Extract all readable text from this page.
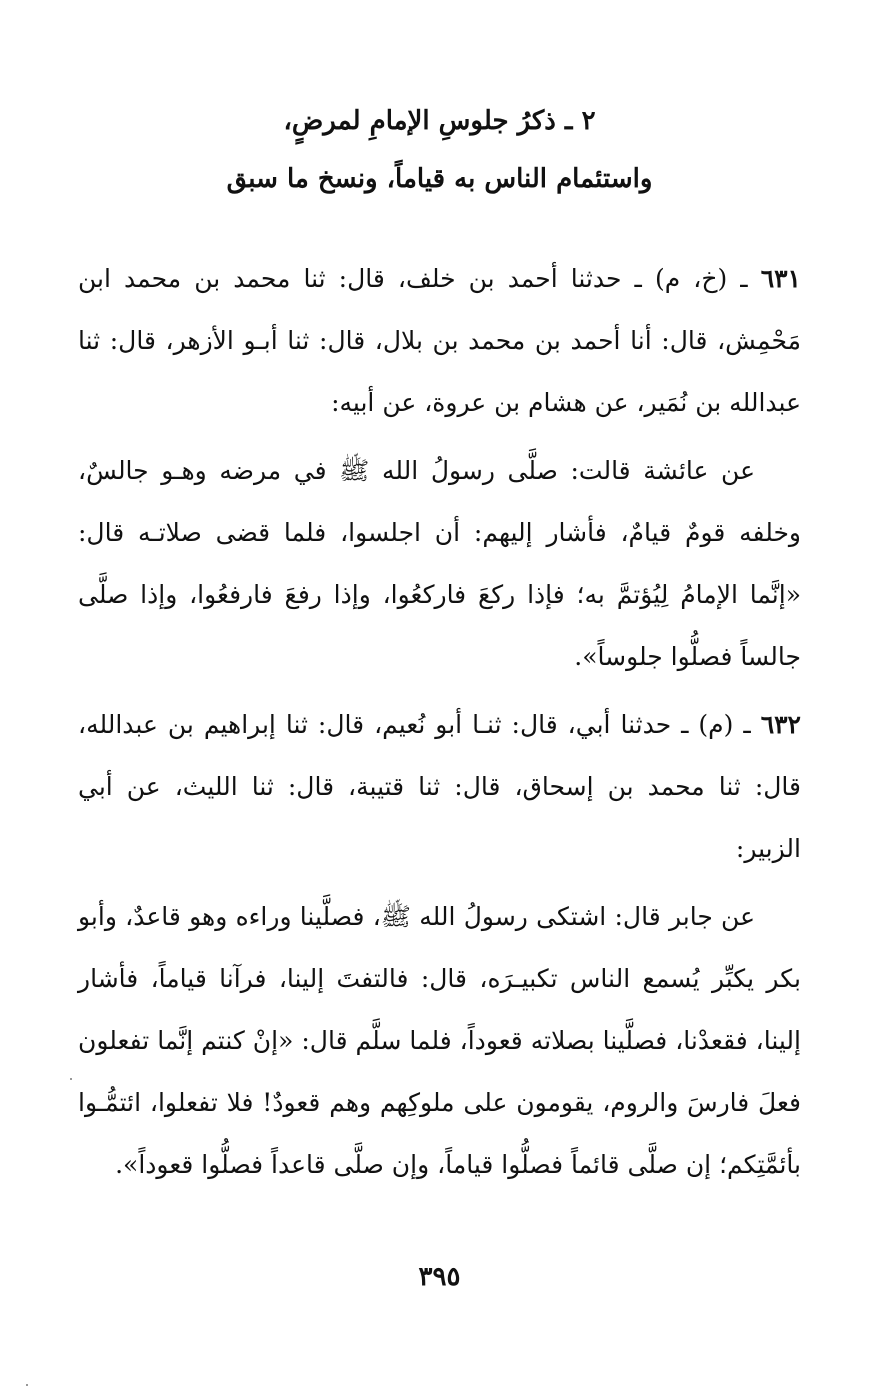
٢ ـ ذكرُ جلوسِ الإمامِ لمرضٍ،
واستئمام الناس به قياماً، ونسخ ما سبق

٦٣١ ـ (خ، م) ـ حدثنا أحمد بن خلف، قال: ثنا محمد بن محمد ابن مَحْمِش، قال: أنا أحمد بن محمد بن بلال، قال: ثنا أبـو الأزهر، قال: ثنا عبدالله بن نُمَير، عن هشام بن عروة، عن أبيه:

عن عائشة قالت: صلَّى رسولُ الله ﷺ في مرضه وهـو جالسٌ، وخلفه قومٌ قيامٌ، فأشار إليهم: أن اجلسوا، فلما قضى صلاتـه قال: «إنَّما الإمامُ لِيُؤتمَّ به؛ فإذا ركعَ فاركعُوا، وإذا رفعَ فارفعُوا، وإذا صلَّى جالساً فصلُّوا جلوساً».

٦٣٢ ـ (م) ـ حدثنا أبي، قال: ثنـا أبو نُعيم، قال: ثنا إبراهيم بن عبدالله، قال: ثنا محمد بن إسحاق، قال: ثنا قتيبة، قال: ثنا الليث، عن أبي الزبير:

عن جابر قال: اشتكى رسولُ الله ﷺ، فصلَّينا وراءه وهو قاعدٌ، وأبو بكر يكبِّر يُسمع الناس تكبيـرَه، قال: فالتفتَ إلينا، فرآنا قياماً، فأشار إلينا، فقعدْنا، فصلَّينا بصلاته قعوداً، فلما سلَّم قال: «إنْ كنتم إنَّما تفعلون فعلَ فارسَ والروم، يقومون على ملوكِهم وهم قعودٌ! فلا تفعلوا، ائتمُّـوا بأئمَّتِكم؛ إن صلَّى قائماً فصلُّوا قياماً، وإن صلَّى قاعداً فصلُّوا قعوداً».

٣٩٥
